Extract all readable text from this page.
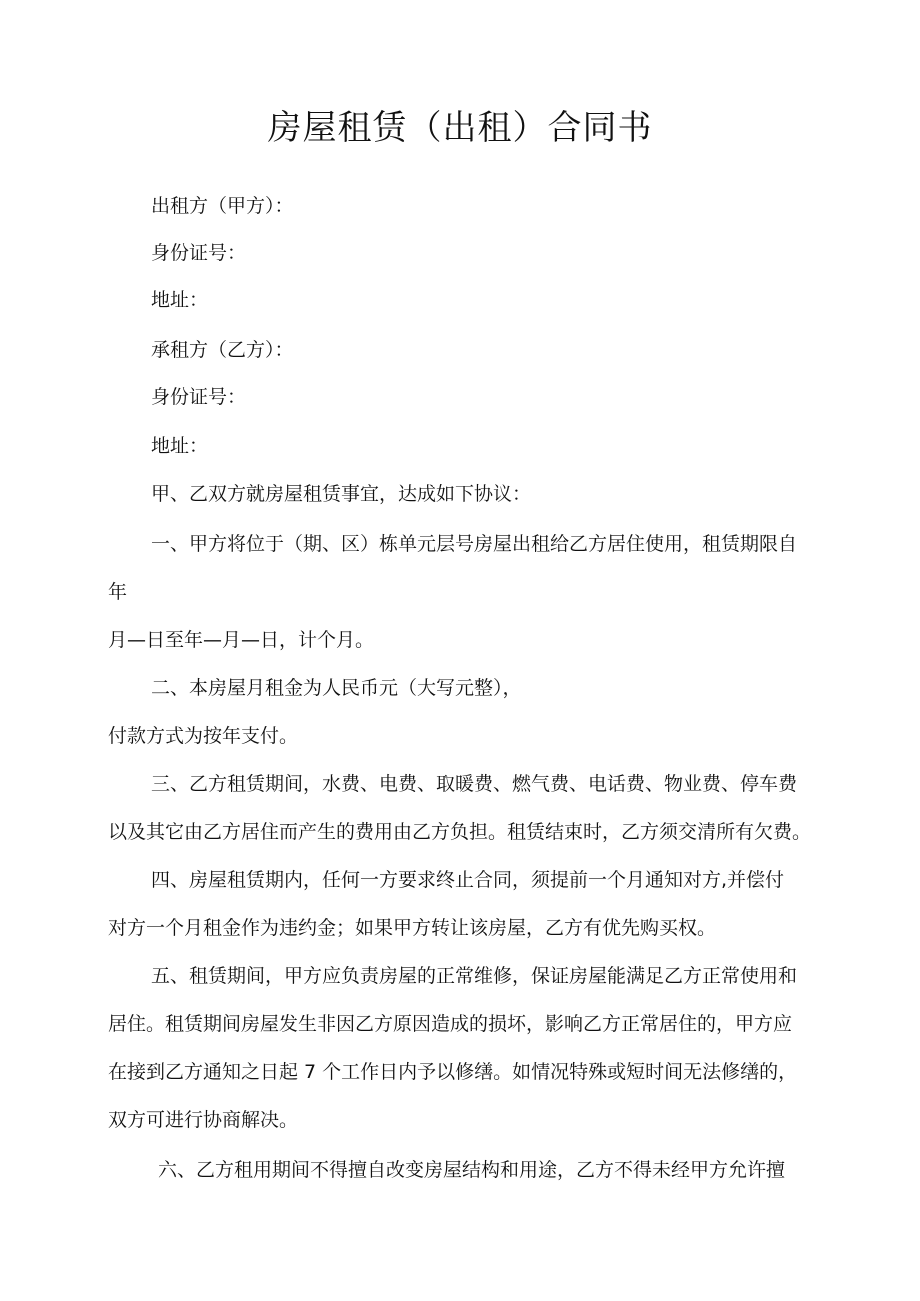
房屋租赁（出租）合同书
出租方（甲方）：
身份证号：
地址：
承租方（乙方）：
身份证号：
地址：
甲、乙双方就房屋租赁事宜，达成如下协议：
一、甲方将位于（期、区）栋单元层号房屋出租给乙方居住使用，租赁期限自
年
月—日至年—月—日，计个月。
二、本房屋月租金为人民币元（大写元整），
付款方式为按年支付。
三、乙方租赁期间，水费、电费、取暖费、燃气费、电话费、物业费、停车费
以及其它由乙方居住而产生的费用由乙方负担。租赁结束时，乙方须交清所有欠费。
四、房屋租赁期内，任何一方要求终止合同，须提前一个月通知对方,并偿付
对方一个月租金作为违约金；如果甲方转让该房屋，乙方有优先购买权。
五、租赁期间，甲方应负责房屋的正常维修，保证房屋能满足乙方正常使用和
居住。租赁期间房屋发生非因乙方原因造成的损坏，影响乙方正常居住的，甲方应
在接到乙方通知之日起 7 个工作日内予以修缮。如情况特殊或短时间无法修缮的，
双方可进行协商解决。
六、乙方租用期间不得擅自改变房屋结构和用途，乙方不得未经甲方允许擅
